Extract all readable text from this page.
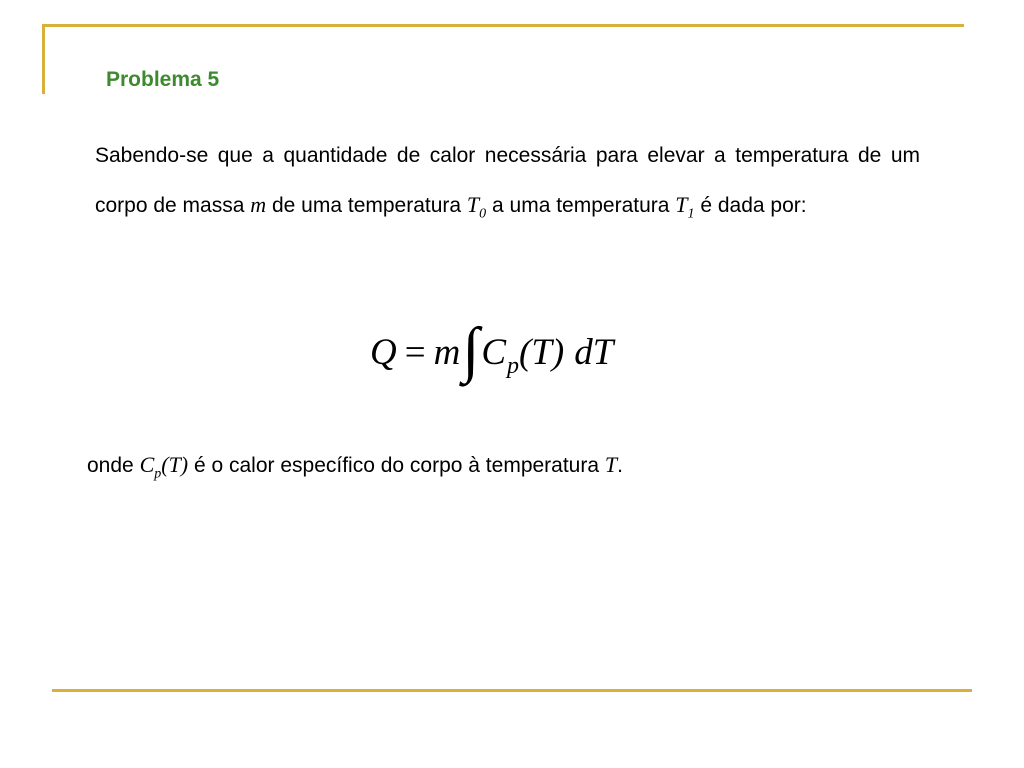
Problema 5

Sabendo-se que a quantidade de calor necessária para elevar a temperatura de um corpo de massa m de uma temperatura $T_0$ a uma temperatura $T_1$ é dada por:

Q = m ∫ C p (T) dT

onde $C_p(T)$ é o calor específico do corpo à temperatura T.
